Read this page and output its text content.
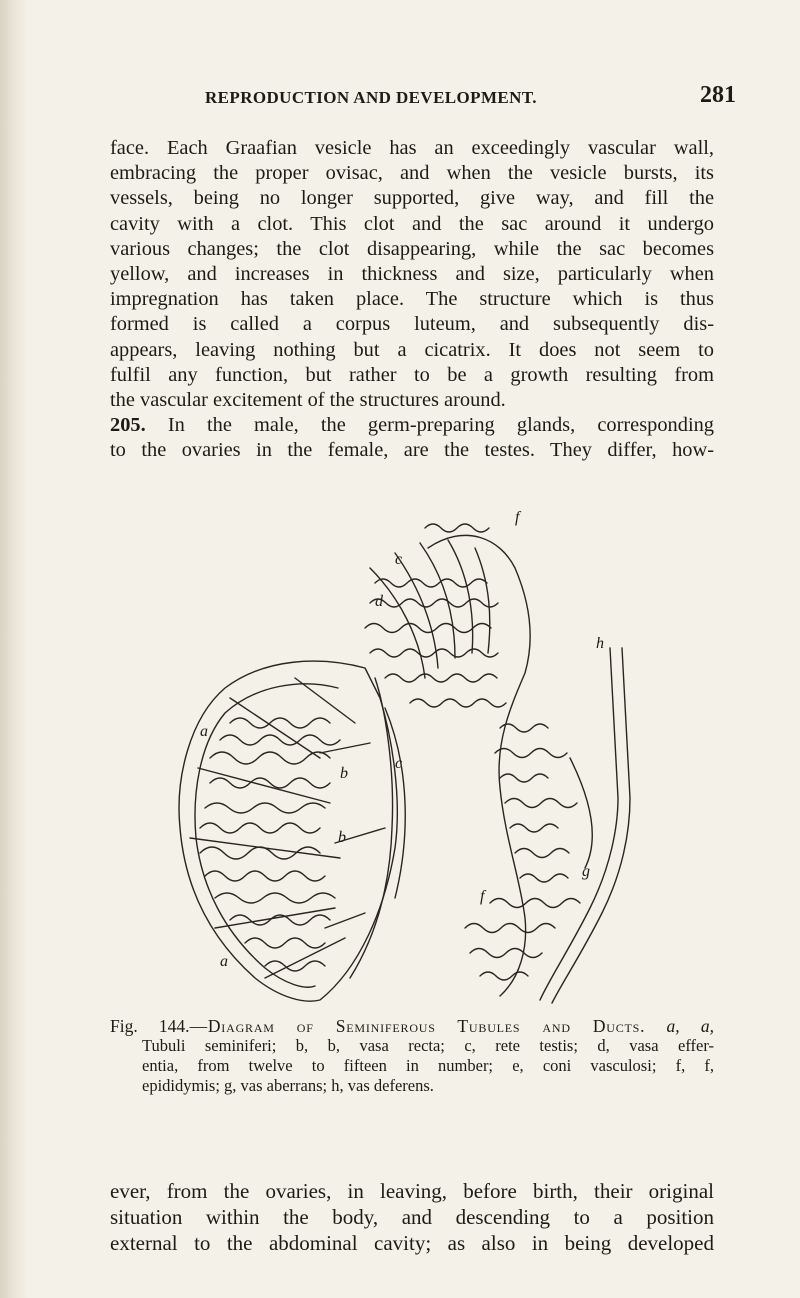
REPRODUCTION AND DEVELOPMENT.	281
face. Each Graafian vesicle has an exceedingly vascular wall,
embracing the proper ovisac, and when the vesicle bursts, its
vessels, being no longer supported, give way, and fill the
cavity with a clot. This clot and the sac around it undergo
various changes; the clot disappearing, while the sac becomes
yellow, and increases in thickness and size, particularly when
impregnation has taken place. The structure which is thus
formed is called a corpus luteum, and subsequently dis-
appears, leaving nothing but a cicatrix. It does not seem to
fulfil any function, but rather to be a growth resulting from
the vascular excitement of the structures around.
205. In the male, the germ-preparing glands, corresponding
to the ovaries in the female, are the testes. They differ, how-
a
a
b
b
c
c
d
f
f
g
h
Fig. 144.—Diagram of Seminiferous Tubules and Ducts. a, a,
Tubuli seminiferi; b, b, vasa recta; c, rete testis; d, vasa effer-
entia, from twelve to fifteen in number; e, coni vasculosi; f, f,
epididymis; g, vas aberrans; h, vas deferens.
ever, from the ovaries, in leaving, before birth, their original
situation within the body, and descending to a position
external to the abdominal cavity; as also in being developed
